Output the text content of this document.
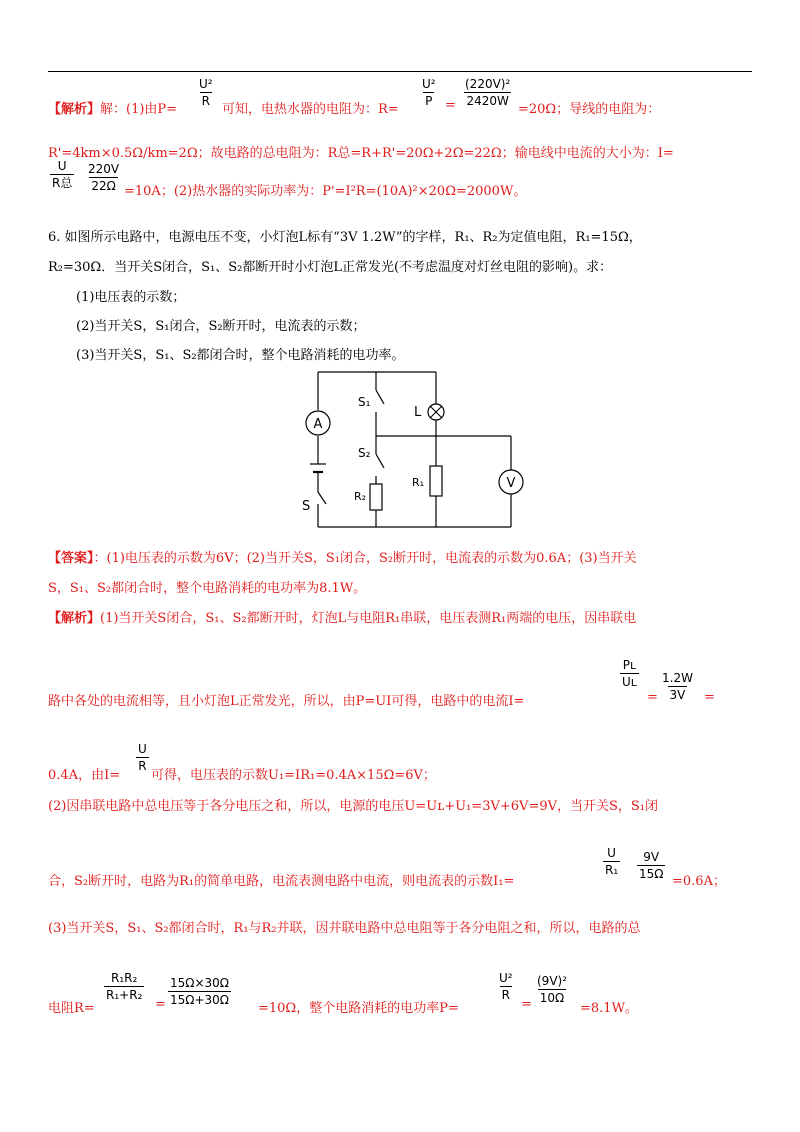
【解析】解：(1)由P=
$\frac{\text{U²}}{R}$
可知，电热水器的电阻为：R=
$\frac{\text{U²}}{P} = \frac{\text{(220V)²}}{2420W}$
=20Ω；导线的电阻为：
R'=4km×0.5Ω/km=2Ω；故电路的总电阻为：R总=R+R'=20Ω+2Ω=22Ω；输电线中电流的大小为：I=
U
R总 $\frac{220V}{22\Omega} =10A$；(2)热水器的实际功率为：P'=I²R=(10A)²×20Ω=2000W。
6. 如图所示电路中，电源电压不变，小灯泡L标有“3V 1.2W”的字样，R₁、R₂为定值电阻，R₁=15Ω，
R₂=30Ω．当开关S闭合，S₁、S₂都断开时小灯泡L正常发光(不考虑温度对灯丝电阻的影响)。求：
(1)电压表的示数；
(2)当开关S，S₁闭合，S₂断开时，电流表的示数；
(3)当开关S，S₁、S₂都闭合时，整个电路消耗的电功率。
A
V
S₁
S₂
S
L
R₁
R₂
【答案】：(1)电压表的示数为6V；(2)当开关S，S₁闭合，S₂断开时，电流表的示数为0.6A；(3)当开关
S，S₁、S₂都闭合时，整个电路消耗的电功率为8.1W。
【解析】(1)当开关S闭合，S₁、S₂都断开时，灯泡L与电阻R₁串联，电压表测R₁两端的电压，因串联电
路中各处的电流相等，且小灯泡L正常发光，所以，由P=UI可得，电路中的电流I=
$\frac{\text{Pʟ}}{\text{Uʟ}}$
= $\frac{1.2W}{3V}$ =
0.4A，由I=
$\frac{U}{R}$
可得，电压表的示数U₁=IR₁=0.4A×15Ω=6V；
(2)因串联电路中总电压等于各分电压之和，所以，电源的电压U=Uʟ+U₁=3V+6V=9V，当开关S，S₁闭
合，S₂断开时，电路为R₁的简单电路，电流表测电路中电流，则电流表的示数I₁=
$\frac{U}{\text{R₁}} \frac{9V}{15\Omega}$
=0.6A；
(3)当开关S，S₁、S₂都闭合时，R₁与R₂并联，因并联电路中总电阻等于各分电阻之和，所以，电路的总
电阻R=
$\frac{\text{R₁R₂}}{\text{R₁+R₂}}$
= $\frac{15\Omega\times 30\Omega}{15\Omega+30\Omega}$
=10Ω，整个电路消耗的电功率P=
$\frac{\text{U²}}{R}$
=
$\frac{\text{(9V)²}}{10\Omega}$
=8.1W。
